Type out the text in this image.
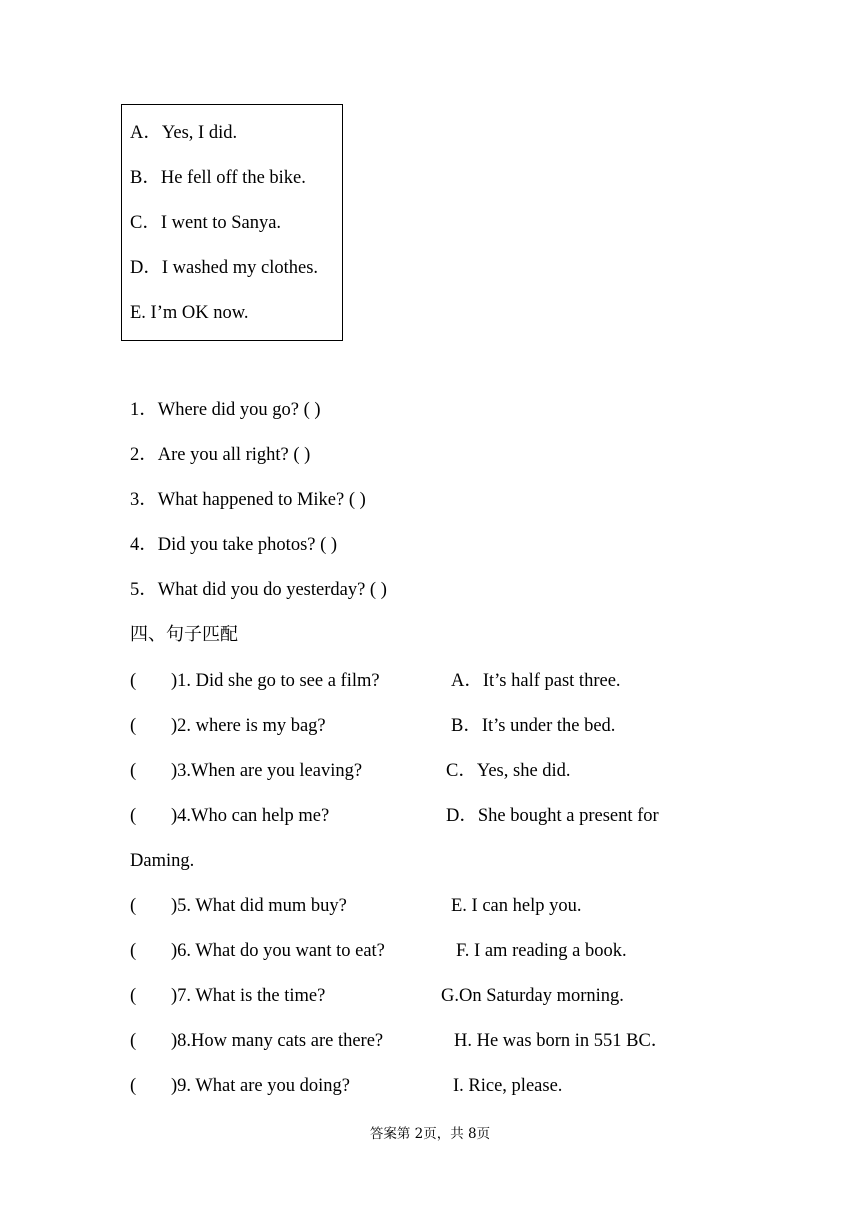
A．Yes, I did.
B．He fell off the bike.
C．I went to Sanya.
D．I washed my clothes.
E. I’m OK now.
1．Where did you go? ( )
2．Are you all right? ( )
3．What happened to Mike? ( )
4．Did you take photos? ( )
5．What did you do yesterday? ( )
四、句子匹配
( )1. Did she go to see a film?	A．It’s half past three.
( )2. where is my bag?	B．It’s under the bed.
( )3.When are you leaving?	C．Yes, she did.
( )4.Who can help me?	D．She bought a present for
Daming.
( )5. What did mum buy?	E. I can help you.
( )6. What do you want to eat?	F. I am reading a book.
( )7. What is the time?	G.On Saturday morning.
( )8.How many cats are there?	H. He was born in 551 BC．
( )9. What are you doing?	I. Rice, please.
答案第 2页，共 8页
